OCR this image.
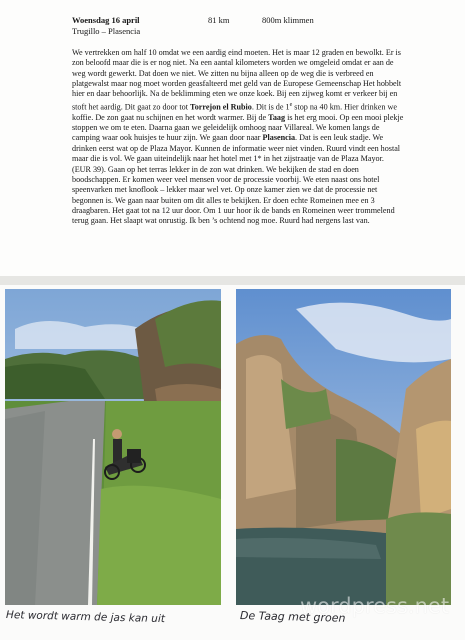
Woensdag 16 april	81 km	800m klimmen
Trugillo – Plasencia

We vertrekken om half 10 omdat we een aardig eind moeten. Het is maar 12 graden en bewolkt. Er is zon beloofd maar die is er nog niet. Na een aantal kilometers worden we omgeleid omdat er aan de weg wordt gewerkt. Dat doen we niet. We zitten nu bijna alleen op de weg die is verbreed en platgewalst maar nog moet worden geasfalteerd met geld van de Europese Gemeenschap Het hobbelt hier en daar behoorlijk. Na de beklimming eten we onze koek. Bij een zijweg komt er verkeer bij en stoft het aardig. Dit gaat zo door tot Torrejon el Rubio. Dit is de 1e stop na 40 km. Hier drinken we koffie. De zon gaat nu schijnen en het wordt warmer. Bij de Taag is het erg mooi. Op een mooi plekje stoppen we om te eten. Daarna gaan we geleidelijk omhoog naar Villareal. We komen langs de camping waar ook huisjes te huur zijn. We gaan door naar Plasencia. Dat is een leuk stadje. We drinken eerst wat op de Plaza Mayor. Kunnen de informatie weer niet vinden. Ruurd vindt een hostal maar die is vol. We gaan uiteindelijk naar het hotel met 1* in het zijstraatje van de Plaza Mayor. (EUR 39). Gaan op het terras lekker in de zon wat drinken. We bekijken de stad en doen boodschappen. Er komen weer veel mensen voor de processie voorbij. We eten naast ons hotel speenvarken met knoflook – lekker maar wel vet. Op onze kamer zien we dat de processie net begonnen is. We gaan naar buiten om dit alles te bekijken. Er doen echte Romeinen mee en 3 draagbaren. Het gaat tot na 12 uur door. Om 1 uur hoor ik de bands en Romeinen weer trommelend terug gaan. Het slaapt wat onrustig. Ik ben ’s ochtend nog moe. Ruurd had nergens last van.

wordpress.net
Het wordt warm de jas kan uit	De Taag met groen
